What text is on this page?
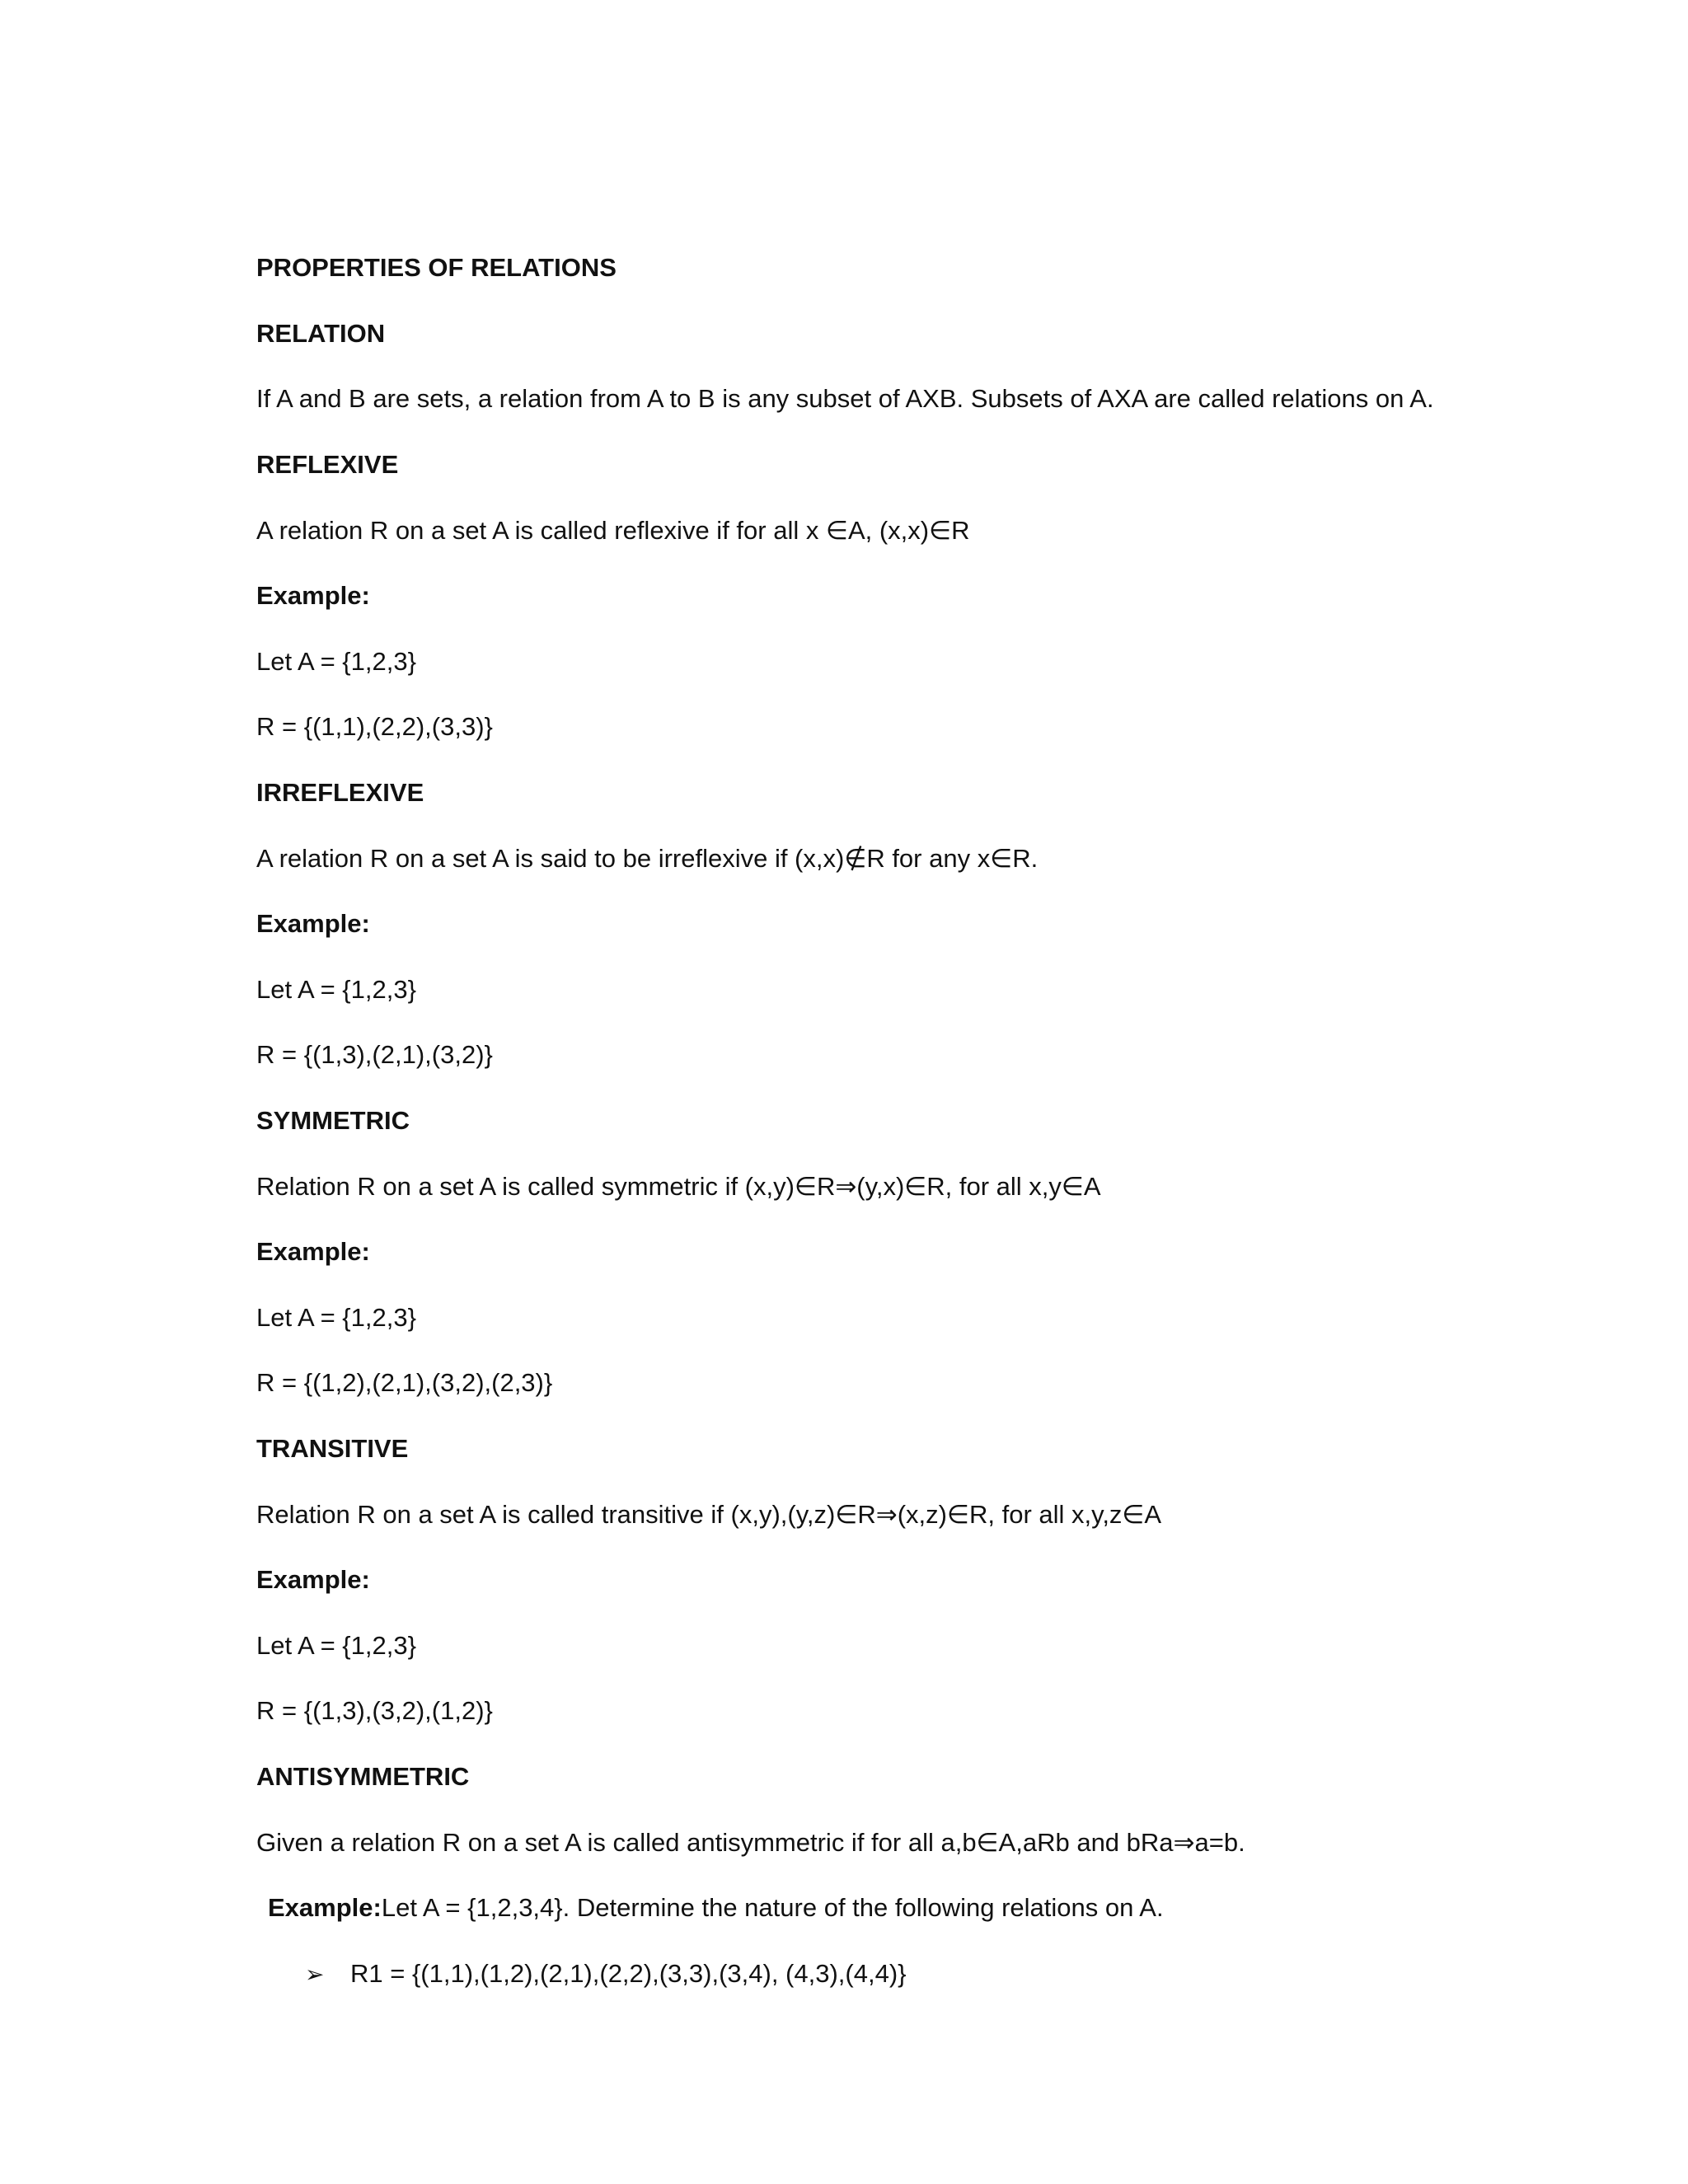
PROPERTIES OF RELATIONS
RELATION
If A and B are sets, a relation from A to B is any subset of AXB. Subsets of AXA are called relations on A.
REFLEXIVE
A relation R on a set A is called reflexive if for all x ∈A, (x,x)∈R
Example:
Let A = {1,2,3}
R = {(1,1),(2,2),(3,3)}
IRREFLEXIVE
A relation R on a set A is said to be irreflexive if (x,x)∉R for any x∈R.
Example:
Let A = {1,2,3}
R = {(1,3),(2,1),(3,2)}
SYMMETRIC
Relation R on a set A is called symmetric if (x,y)∈R⇒(y,x)∈R, for all x,y∈A
Example:
Let A = {1,2,3}
R = {(1,2),(2,1),(3,2),(2,3)}
TRANSITIVE
Relation R on a set A is called transitive if (x,y),(y,z)∈R⇒(x,z)∈R, for all x,y,z∈A
Example:
Let A = {1,2,3}
R = {(1,3),(3,2),(1,2)}
ANTISYMMETRIC
Given a relation R on a set A is called antisymmetric if for all a,b∈A,aRb and bRa⇒a=b.
Example:Let A = {1,2,3,4}. Determine the nature of the following relations on A.
➢ R1 = {(1,1),(1,2),(2,1),(2,2),(3,3),(3,4), (4,3),(4,4)}
